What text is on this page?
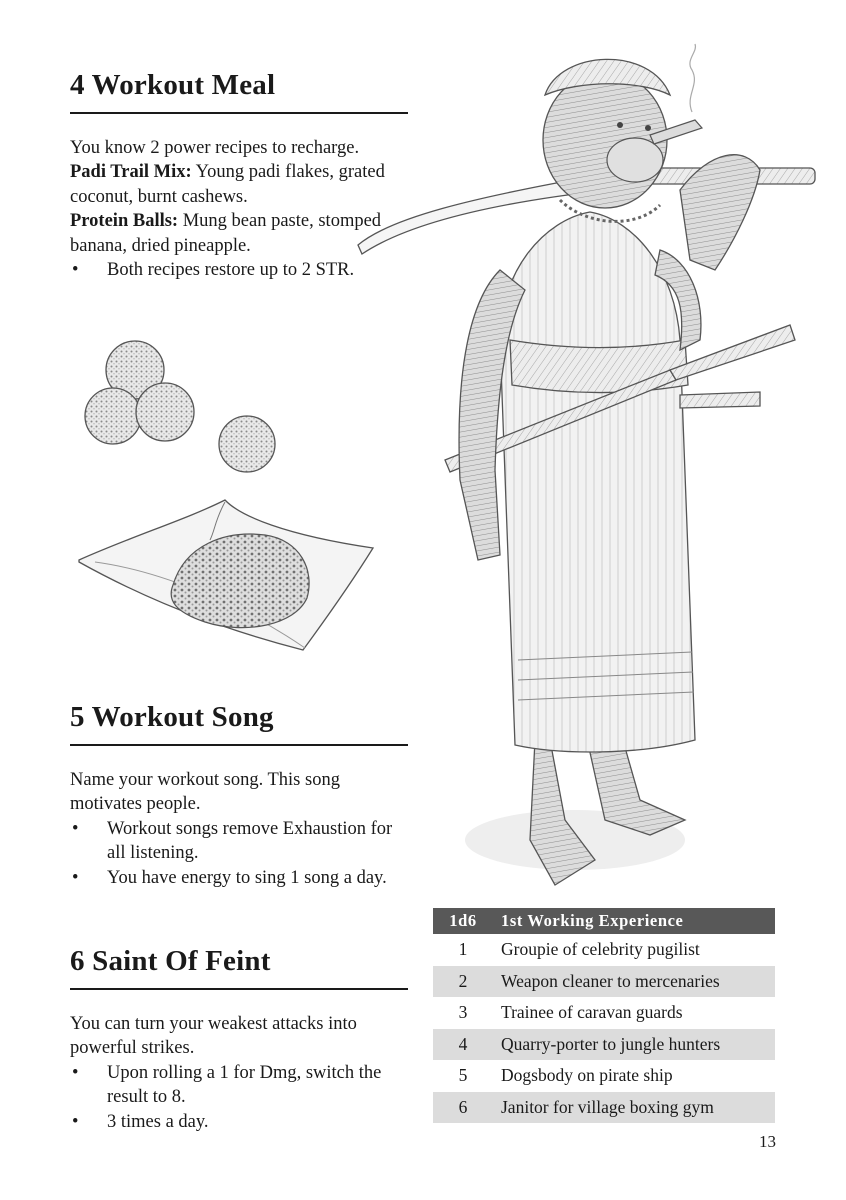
4 Workout Meal

You know 2 power recipes to recharge.

Padi Trail Mix: Young padi flakes, grated coconut, burnt cashews.

Protein Balls: Mung bean paste, stomped banana, dried pineapple.

• Both recipes restore up to 2 STR.
5 Workout Song

Name your workout song. This song motivates people.

• Workout songs remove Exhaustion for all listening.
• You have energy to sing 1 song a day.
6 Saint Of Feint

You can turn your weakest attacks into powerful strikes.

• Upon rolling a 1 for Dmg, switch the result to 8.
• 3 times a day.
1d6	1st Working Experience
1	Groupie of celebrity pugilist
2	Weapon cleaner to mercenaries
3	Trainee of caravan guards
4	Quarry-porter to jungle hunters
5	Dogsbody on pirate ship
6	Janitor for village boxing gym
13
